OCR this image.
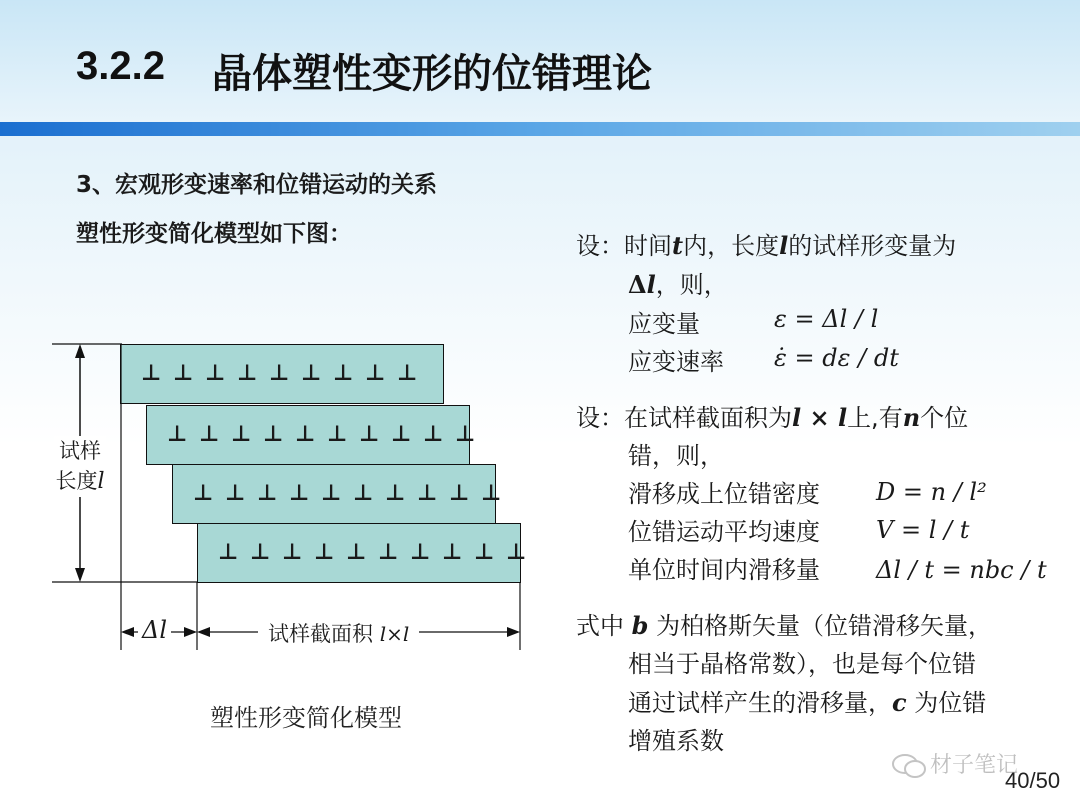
3.2.2 晶体塑性变形的位错理论
3、宏观形变速率和位错运动的关系
塑性形变简化模型如下图：
⊥ ⊥ ⊥ ⊥ ⊥ ⊥ ⊥ ⊥ ⊥
⊥ ⊥ ⊥ ⊥ ⊥ ⊥ ⊥ ⊥ ⊥ ⊥
⊥ ⊥ ⊥ ⊥ ⊥ ⊥ ⊥ ⊥ ⊥ ⊥
⊥ ⊥ ⊥ ⊥ ⊥ ⊥ ⊥ ⊥ ⊥ ⊥
试样
长度l
Δl	试样截面积 l×l
塑性形变简化模型
设：时间t内，长度l的试样形变量为
Δl，则，
应变量	ε = Δl / l
应变速率 ε̇ = dε / dt
设：在试样截面积为l × l上,有n个位
错，则，
滑移成上位错密度 D = n / l²
位错运动平均速度 V = l / t
单位时间内滑移量 Δl / t = nbc / t
式中 b 为柏格斯矢量（位错滑移矢量，
相当于晶格常数），也是每个位错
通过试样产生的滑移量，c 为位错
增殖系数
材子笔记
40/50
